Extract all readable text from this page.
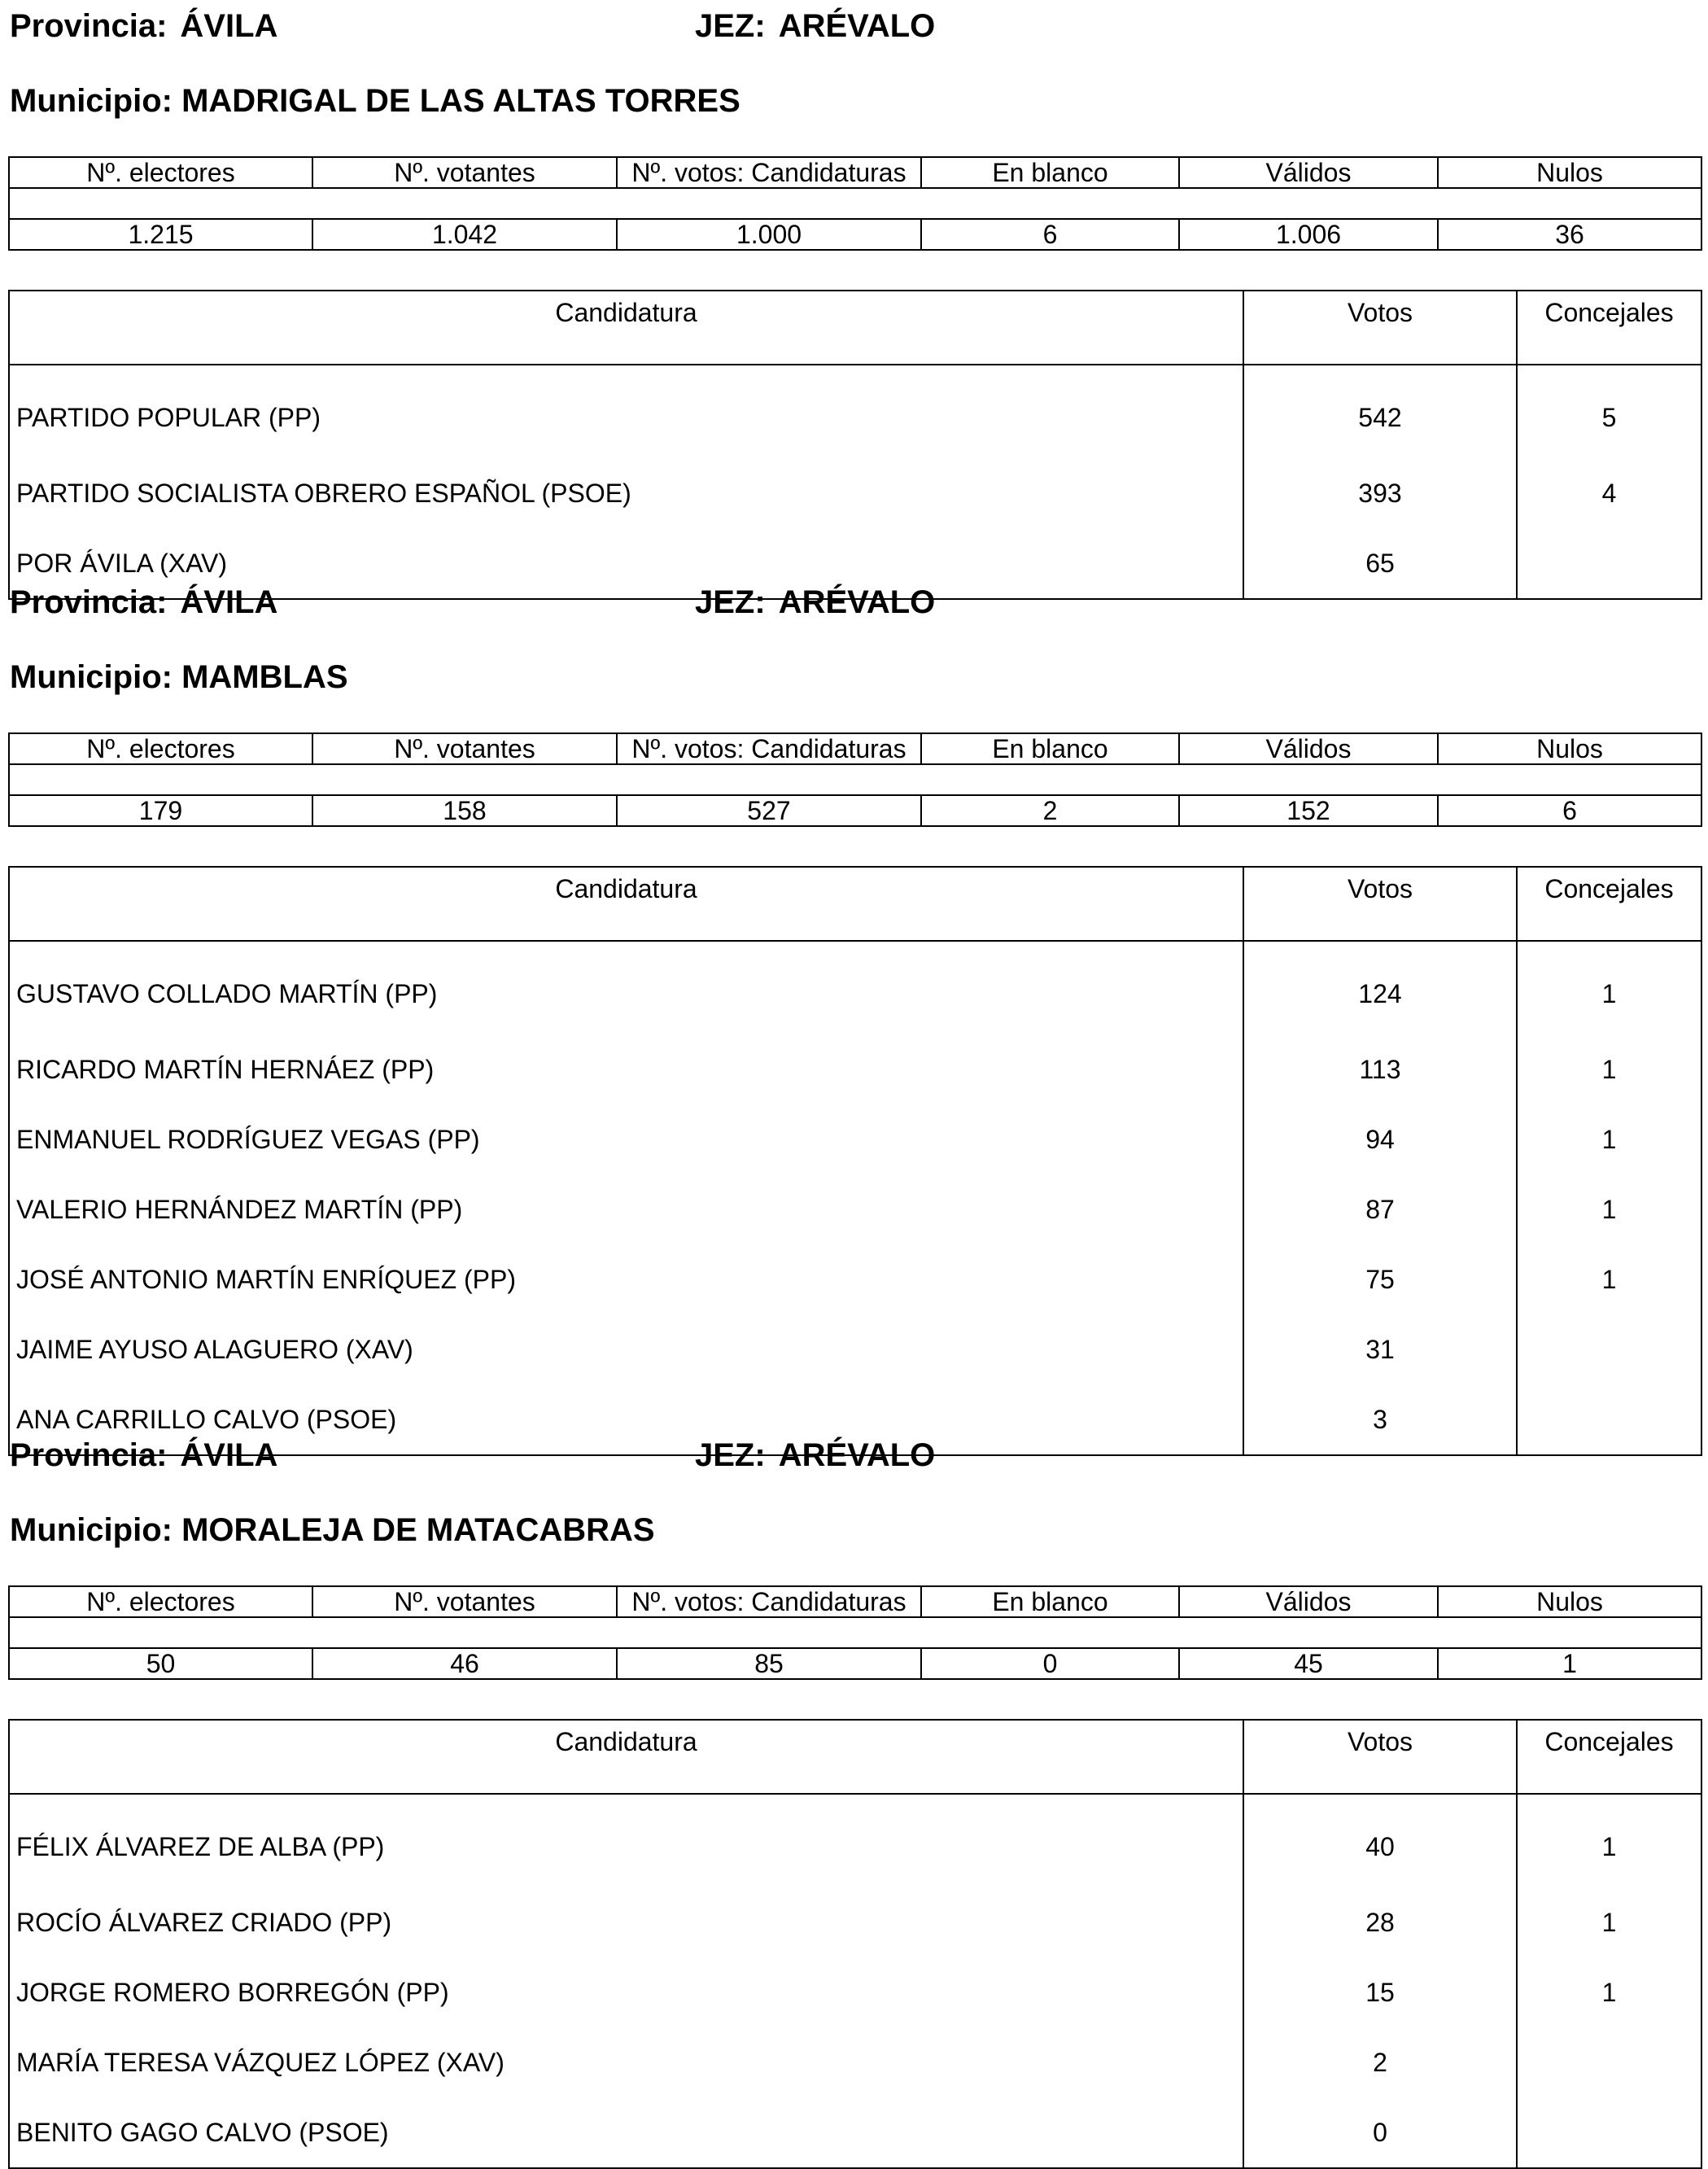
Provincia: ÁVILA	JEZ: ARÉVALO
Municipio: MADRIGAL DE LAS ALTAS TORRES
Nº. electores	Nº. votantes	Nº. votos: Candidaturas	En blanco	Válidos	Nulos

1.215	1.042	1.000	6	1.006	36
Candidatura	Votos	Concejales
PARTIDO POPULAR (PP)	542	5
PARTIDO SOCIALISTA OBRERO ESPAÑOL (PSOE)	393	4
POR ÁVILA (XAV)	65	
Provincia: ÁVILA	JEZ: ARÉVALO
Municipio: MAMBLAS
Nº. electores	Nº. votantes	Nº. votos: Candidaturas	En blanco	Válidos	Nulos

179	158	527	2	152	6
Candidatura	Votos	Concejales
GUSTAVO COLLADO MARTÍN (PP)	124	1
RICARDO MARTÍN HERNÁEZ (PP)	113	1
ENMANUEL RODRÍGUEZ VEGAS (PP)	94	1
VALERIO HERNÁNDEZ MARTÍN (PP)	87	1
JOSÉ ANTONIO MARTÍN ENRÍQUEZ (PP)	75	1
JAIME AYUSO ALAGUERO (XAV)	31	
ANA CARRILLO CALVO (PSOE)	3	
Provincia: ÁVILA	JEZ: ARÉVALO
Municipio: MORALEJA DE MATACABRAS
Nº. electores	Nº. votantes	Nº. votos: Candidaturas	En blanco	Válidos	Nulos

50	46	85	0	45	1
Candidatura	Votos	Concejales
FÉLIX ÁLVAREZ DE ALBA (PP)	40	1
ROCÍO ÁLVAREZ CRIADO (PP)	28	1
JORGE ROMERO BORREGÓN (PP)	15	1
MARÍA TERESA VÁZQUEZ LÓPEZ (XAV)	2	
BENITO GAGO CALVO (PSOE)	0	
